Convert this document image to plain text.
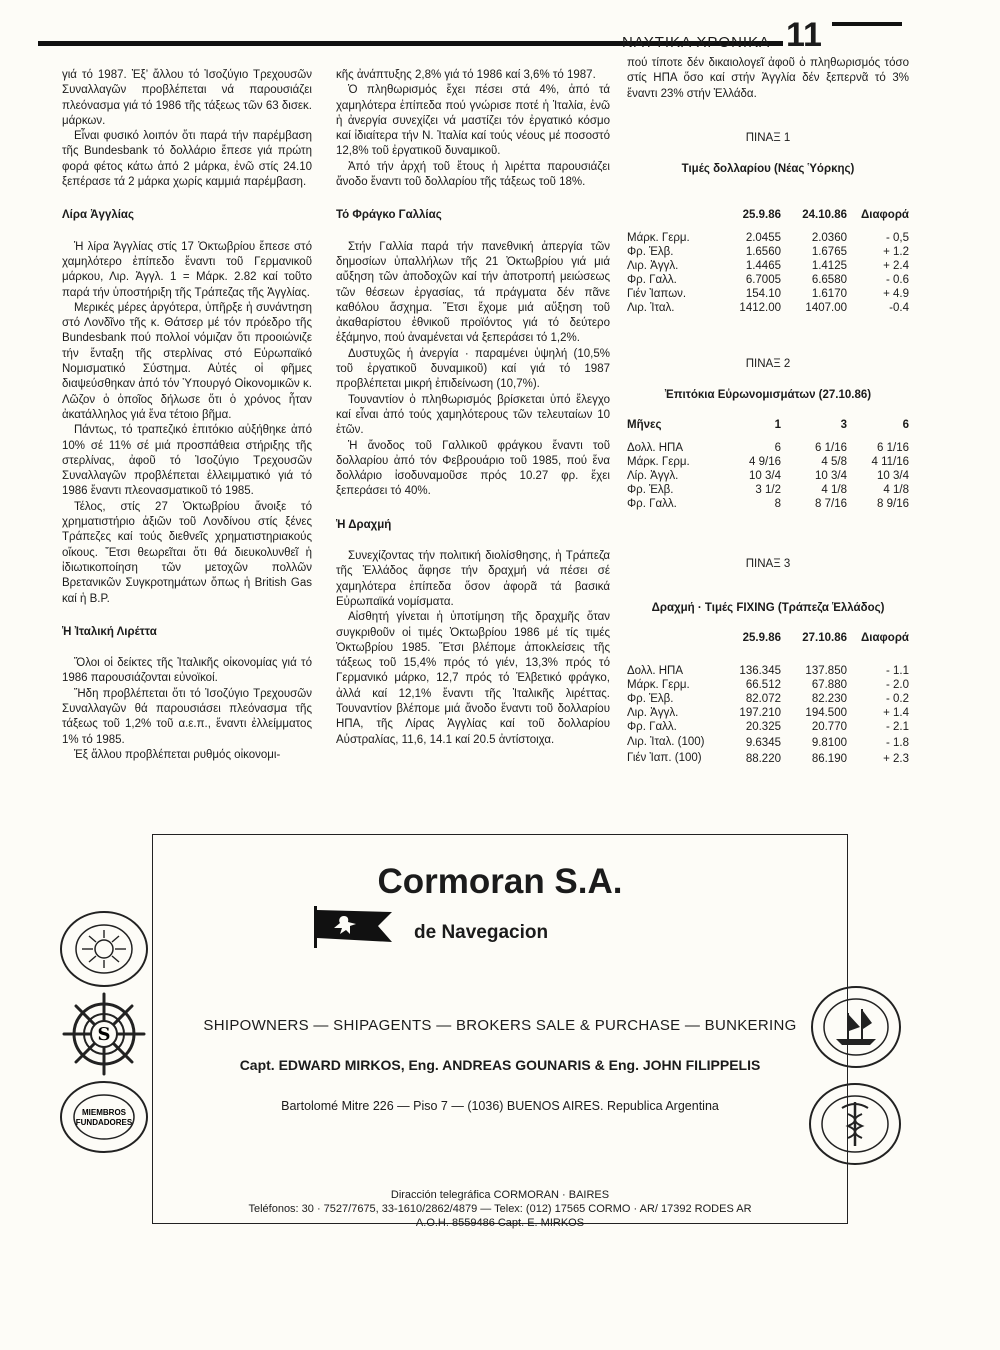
ΝΑΥΤΙΚΑ ΧΡΟΝΙΚΑ 11

γιά τό 1987. Ἐξ’ ἄλλου τό Ἰσοζύγιο Τρεχουσῶν Συναλλαγῶν προβλέπεται νά παρουσιάζει πλεόνασμα γιά τό 1986 τῆς τάξεως τῶν 63 δισεκ. μάρκων.

Εἶναι φυσικό λοιπόν ὅτι παρά τήν παρέμβαση τῆς Bundesbank τό δολλάριο ἔπεσε γιά πρώτη φορά φέτος κάτω ἀπό 2 μάρκα, ἐνῶ στίς 24.10 ξεπέρασε τά 2 μάρκα χωρίς καμμιά παρέμβαση.

Λίρα Ἀγγλίας

Ἡ λίρα Ἀγγλίας στίς 17 Ὀκτωβρίου ἔπεσε στό χαμηλότερο ἐπίπεδο ἔναντι τοῦ Γερμανικοῦ μάρκου, Λιρ. Ἀγγλ. 1 = Μάρκ. 2.82 καί τοῦτο παρά τήν ὑποστήριξη τῆς Τράπεζας τῆς Ἀγγλίας.

Μερικές μέρες ἀργότερα, ὑπῆρξε ἡ συνάντηση στό Λονδῖνο τῆς κ. Θάτσερ μέ τόν πρόεδρο τῆς Bundesbank πού πολλοί νόμιζαν ὅτι προοιώνιζε τήν ἔνταξη τῆς στερλίνας στό Εὐρωπαϊκό Νομισματικό Σύστημα. Αὐτές οἱ φῆμες διαψεύσθηκαν ἀπό τόν Ὑπουργό Οἰκονομικῶν κ. Λῶζον ὁ ὁποῖος δήλωσε ὅτι ὁ χρόνος ἦταν ἀκατάλληλος γιά ἕνα τέτοιο βῆμα.

Πάντως, τό τραπεζικό ἐπιτόκιο αὐξήθηκε ἀπό 10% σέ 11% σέ μιά προσπάθεια στήριξης τῆς στερλίνας, ἀφοῦ τό Ἰσοζύγιο Τρεχουσῶν Συναλλαγῶν προβλέπεται ἐλλειμματικό γιά τό 1986 ἔναντι πλεονασματικοῦ τό 1985.

Τέλος, στίς 27 Ὀκτωβρίου ἄνοιξε τό χρηματιστήριο ἀξιῶν τοῦ Λονδίνου στίς ξένες Τράπεζες καί τούς διεθνεῖς χρηματιστηριακούς οἴκους. Ἔτσι θεωρεῖται ὅτι θά διευκολυνθεῖ ἡ ἰδιωτικοποίηση τῶν μετοχῶν πολλῶν Βρετανικῶν Συγκροτημάτων ὅπως ἡ British Gas καί ἡ B.P.

Ἡ Ἰταλική Λιρέττα

Ὅλοι οἱ δείκτες τῆς Ἰταλικῆς οἰκονομίας γιά τό 1986 παρουσιάζονται εὐνοϊκοί.

Ἤδη προβλέπεται ὅτι τό Ἰσοζύγιο Τρεχουσῶν Συναλλαγῶν θά παρουσιάσει πλεόνασμα τῆς τάξεως τοῦ 1,2% τοῦ α.ε.π., ἔναντι ἐλλείμματος 1% τό 1985.

Ἐξ ἄλλου προβλέπεται ρυθμός οἰκονομι-

κῆς ἀνάπτυξης 2,8% γιά τό 1986 καί 3,6% τό 1987.

Ὁ πληθωρισμός ἔχει πέσει στά 4%, ἀπό τά χαμηλότερα ἐπίπεδα πού γνώρισε ποτέ ἡ Ἰταλία, ἐνῶ ἡ ἀνεργία συνεχίζει νά μαστίζει τόν ἐργατικό κόσμο καί ἰδιαίτερα τήν Ν. Ἰταλία καί τούς νέους μέ ποσοστό 12,8% τοῦ ἐργατικοῦ δυναμικοῦ.

Ἀπό τήν ἀρχή τοῦ ἔτους ἡ λιρέττα παρουσιάζει ἄνοδο ἔναντι τοῦ δολλαρίου τῆς τάξεως τοῦ 18%.

Τό Φράγκο Γαλλίας

Στήν Γαλλία παρά τήν πανεθνική ἀπεργία τῶν δημοσίων ὑπαλλήλων τῆς 21 Ὀκτωβρίου γιά μιά αὔξηση τῶν ἀποδοχῶν καί τήν ἀποτροπή μειώσεως τῶν θέσεων ἐργασίας, τά πράγματα δέν πᾶνε καθόλου ἄσχημα. Ἔτσι ἔχομε μιά αὔξηση τοῦ ἀκαθαρίστου ἐθνικοῦ προϊόντος γιά τό δεύτερο ἑξάμηνο, πού ἀναμένεται νά ξεπεράσει τό 1,2%.

Δυστυχῶς ἡ ἀνεργία · παραμένει ὑψηλή (10,5% τοῦ ἐργατικοῦ δυναμικοῦ) καί γιά τό 1987 προβλέπεται μικρή ἐπιδείνωση (10,7%).

Τουναντίον ὁ πληθωρισμός βρίσκεται ὑπό ἔλεγχο καί εἶναι ἀπό τούς χαμηλότερους τῶν τελευταίων 10 ἐτῶν.

Ἡ ἄνοδος τοῦ Γαλλικοῦ φράγκου ἔναντι τοῦ δολλαρίου ἀπό τόν Φεβρουάριο τοῦ 1985, πού ἕνα δολλάριο ἰσοδυναμοῦσε πρός 10.27 φρ. ἔχει ξεπεράσει τό 40%.

Ἡ Δραχμή

Συνεχίζοντας τήν πολιτική διολίσθησης, ἡ Τράπεζα τῆς Ἑλλάδος ἄφησε τήν δραχμή νά πέσει σέ χαμηλότερα ἐπίπεδα ὅσον ἀφορᾶ τά βασικά Εὐρωπαϊκά νομίσματα.

Αἰσθητή γίνεται ἡ ὑποτίμηση τῆς δραχμῆς ὅταν συγκριθοῦν οἱ τιμές Ὀκτωβρίου 1986 μέ τίς τιμές Ὀκτωβρίου 1985. Ἔτσι βλέπομε ἀποκλείσεις τῆς τάξεως τοῦ 15,4% πρός τό γιέν, 13,3% πρός τό Γερμανικό μάρκο, 12,7 πρός τό Ἑλβετικό φράγκο, ἀλλά καί 12,1% ἔναντι τῆς Ἰταλικῆς λιρέττας. Τουναντίον βλέπομε μιά ἄνοδο ἔναντι τοῦ δολλαρίου ΗΠΑ, τῆς Λίρας Ἀγγλίας καί τοῦ δολλαρίου Αὐστραλίας, 11,6, 14.1 καί 20.5 ἀντίστοιχα.

πού τίποτε δέν δικαιολογεῖ ἀφοῦ ὁ πληθωρισμός τόσο στίς ΗΠΑ ὅσο καί στήν Ἀγγλία δέν ξεπερνᾶ τό 3% ἔναντι 23% στήν Ἑλλάδα.

ΠΙΝΑΞ 1
Τιμές δολλαρίου (Νέας Ὑόρκης)
	25.9.86	24.10.86	Διαφορά
Μάρκ. Γερμ.	2.0455	2.0360	- 0,5
Φρ. Ἑλβ.	1.6560	1.6765	+ 1.2
Λιρ. Ἀγγλ.	1.4465	1.4125	+ 2.4
Φρ. Γαλλ.	6.7005	6.6580	- 0.6
Γιέν Ἰαπων.	154.10	1.6170	+ 4.9
Λιρ. Ἰταλ.	1412.00	1407.00	-0.4
ΠΙΝΑΞ 2
Ἐπιτόκια Εὐρωνομισμάτων (27.10.86)
Μῆνες	1	3	6
Δολλ. ΗΠΑ	6	6 1/16	6 1/16
Μάρκ. Γερμ.	4 9/16	4 5/8	4 11/16
Λίρ. Ἀγγλ.	10 3/4	10 3/4	10 3/4
Φρ. Ἑλβ.	3 1/2	4 1/8	4 1/8
Φρ. Γαλλ.	8	8 7/16	8 9/16
ΠΙΝΑΞ 3
Δραχμή · Τιμές FIXING (Τράπεζα Ἑλλάδος)
	25.9.86	27.10.86	Διαφορά

Δολλ. ΗΠΑ	136.345	137.850	- 1.1
Μάρκ. Γερμ.	66.512	67.880	- 2.0
Φρ. Ἑλβ.	82.072	82.230	- 0.2
Λιρ. Ἀγγλ.	197.210	194.500	+ 1.4
Φρ. Γαλλ.	20.325	20.770	- 2.1
Λιρ. Ἰταλ. (100)	9.6345	9.8100	- 1.8
Γιέν Ἰαπ. (100)	88.220	86.190	+ 2.3
Cormoran S.A.
de Navegacion
S
MIEMBROS
FUNDADORES
SHIPOWNERS — SHIPAGENTS — BROKERS SALE & PURCHASE — BUNKERING
Capt. EDWARD MIRKOS, Eng. ANDREAS GOUNARIS & Eng. JOHN FILIPPELIS
Bartolomé Mitre 226 — Piso 7 — (1036) BUENOS AIRES. Republica Argentina
Diracción telegráfica CORMORAN · BAIRES
Teléfonos: 30 · 7527/7675, 33-1610/2862/4879 — Telex: (012) 17565 CORMO · AR/ 17392 RODES AR
A.O.H. 8559486 Capt. E. MIRKOS
